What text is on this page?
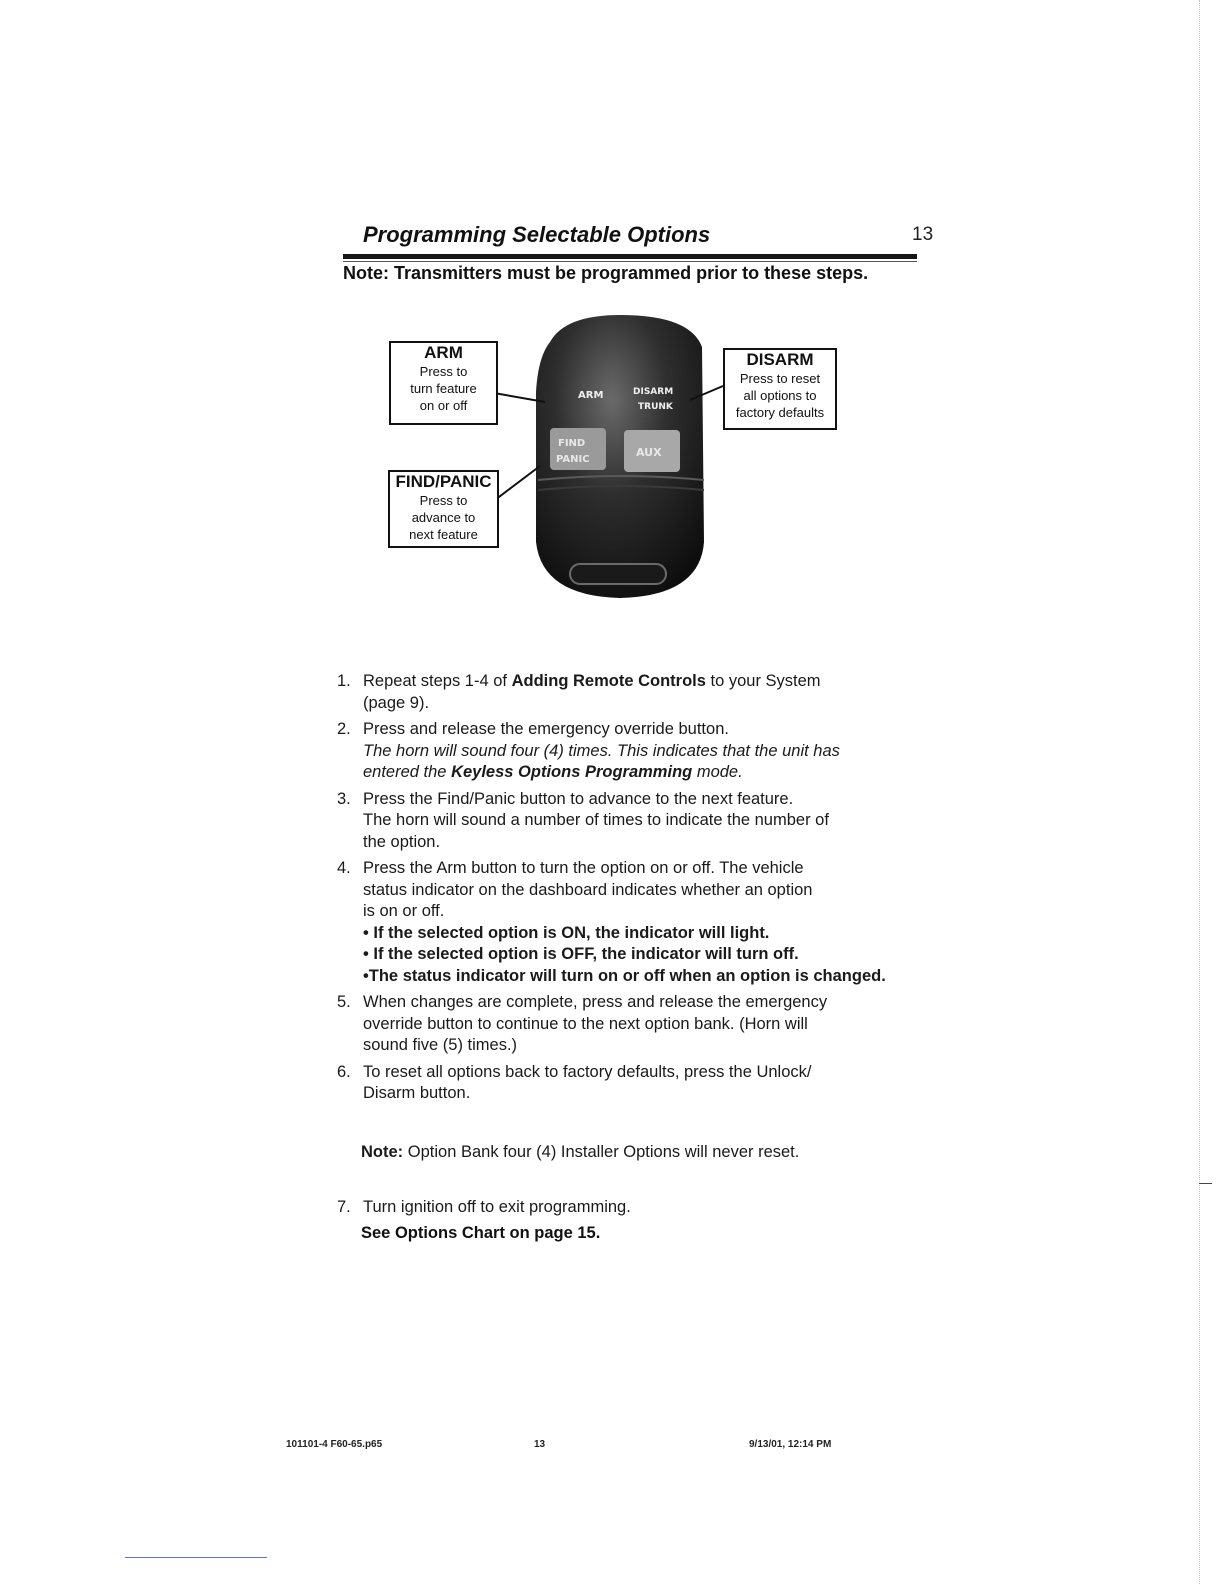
Programming Selectable Options	13
Note: Transmitters must be programmed prior to these steps.
ARM	DISARM
TRUNK
FIND
PANIC
AUX
ARM
Press to
turn feature
on or off
DISARM
Press to reset
all options to
factory defaults
FIND/PANIC
Press to
advance to
next feature
1. Repeat steps 1-4 of Adding Remote Controls to your System
(page 9).
2. Press and release the emergency override button.
The horn will sound four (4) times. This indicates that the unit has
entered the Keyless Options Programming mode.
3. Press the Find/Panic button to advance to the next feature.
The horn will sound a number of times to indicate the number of
the option.
4. Press the Arm button to turn the option on or off. The vehicle
status indicator on the dashboard indicates whether an option
is on or off.
• If the selected option is ON, the indicator will light.
• If the selected option is OFF, the indicator will turn off.
•The status indicator will turn on or off when an option is changed.
5. When changes are complete, press and release the emergency
override button to continue to the next option bank. (Horn will
sound five (5) times.)
6. To reset all options back to factory defaults, press the Unlock/
Disarm button.
Note: Option Bank four (4) Installer Options will never reset.
7. Turn ignition off to exit programming.
See Options Chart on page 15.
101101-4 F60-65.p65	13	9/13/01, 12:14 PM
